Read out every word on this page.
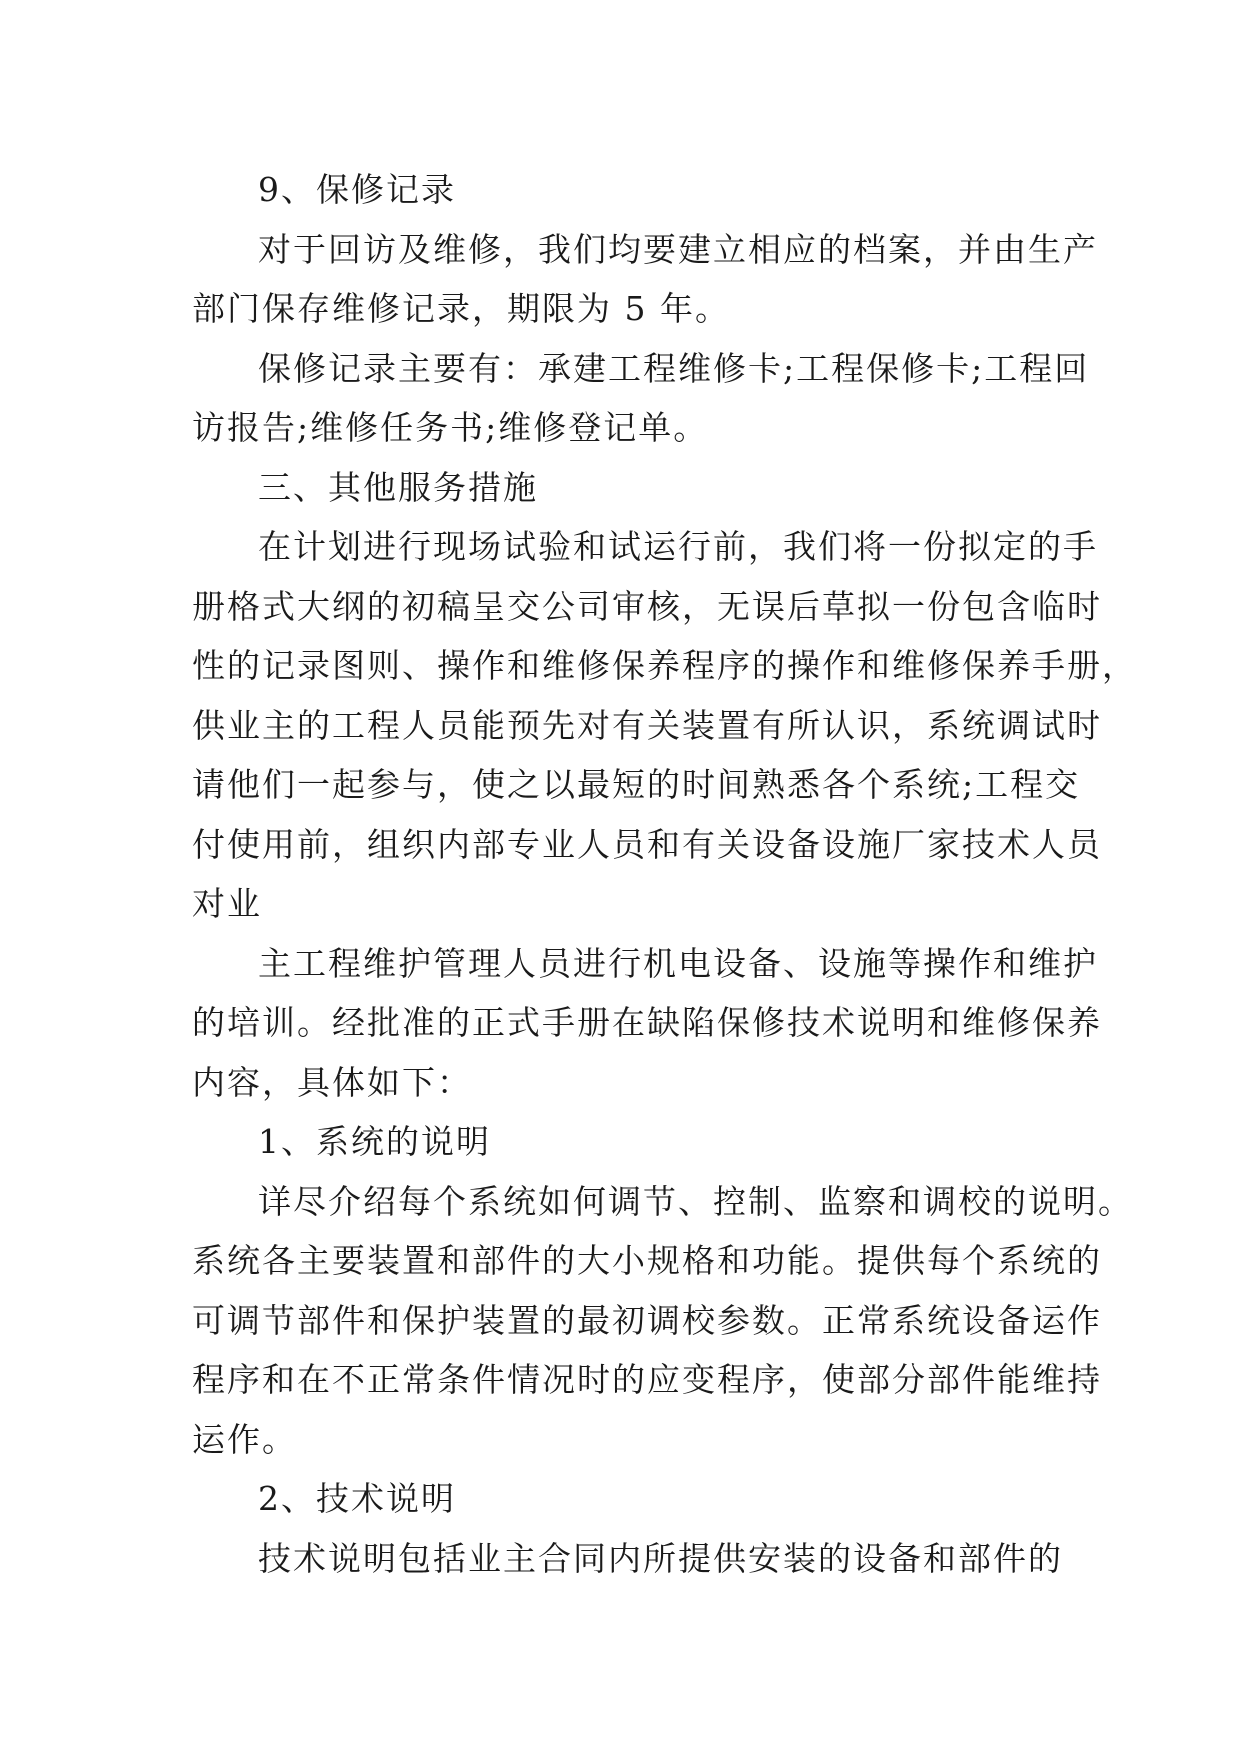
9、保修记录

对于回访及维修，我们均要建立相应的档案，并由生产
部门保存维修记录，期限为 5 年。

保修记录主要有：承建工程维修卡;工程保修卡;工程回
访报告;维修任务书;维修登记单。

三、其他服务措施

在计划进行现场试验和试运行前，我们将一份拟定的手
册格式大纲的初稿呈交公司审核，无误后草拟一份包含临时
性的记录图则、操作和维修保养程序的操作和维修保养手册，
供业主的工程人员能预先对有关装置有所认识，系统调试时
请他们一起参与，使之以最短的时间熟悉各个系统;工程交
付使用前，组织内部专业人员和有关设备设施厂家技术人员
对业

主工程维护管理人员进行机电设备、设施等操作和维护
的培训。经批准的正式手册在缺陷保修技术说明和维修保养
内容，具体如下：

1、系统的说明

详尽介绍每个系统如何调节、控制、监察和调校的说明。
系统各主要装置和部件的大小规格和功能。提供每个系统的
可调节部件和保护装置的最初调校参数。正常系统设备运作
程序和在不正常条件情况时的应变程序，使部分部件能维持
运作。

2、技术说明

技术说明包括业主合同内所提供安装的设备和部件的
